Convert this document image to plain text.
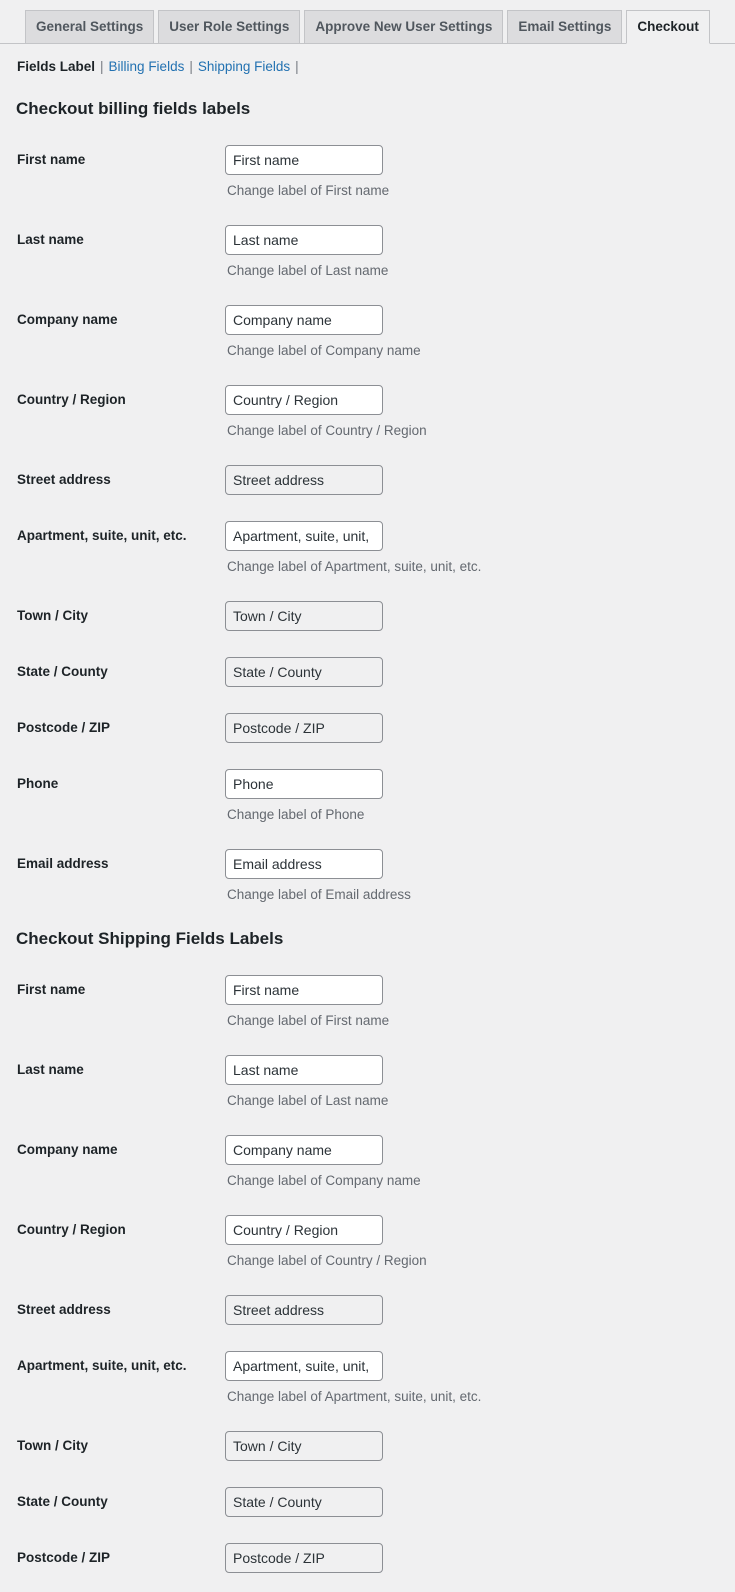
General Settings User Role Settings Approve New User Settings Email Settings Checkout
Fields Label | Billing Fields | Shipping Fields |
Checkout billing fields labels
First name
First name

Change label of First name

Last name
Last name

Change label of Last name

Company name
Company name

Change label of Company name

Country / Region
Country / Region

Change label of Country / Region

Street address
Street address
Apartment, suite, unit, etc.
Apartment, suite, unit,

Change label of Apartment, suite, unit, etc.

Town / City
Town / City
State / County
State / County
Postcode / ZIP
Postcode / ZIP
Phone
Phone

Change label of Phone

Email address
Email address

Change label of Email address

Checkout Shipping Fields Labels
First name
First name

Change label of First name

Last name
Last name

Change label of Last name

Company name
Company name

Change label of Company name

Country / Region
Country / Region

Change label of Country / Region

Street address
Street address
Apartment, suite, unit, etc.
Apartment, suite, unit,

Change label of Apartment, suite, unit, etc.

Town / City
Town / City
State / County
State / County
Postcode / ZIP
Postcode / ZIP
